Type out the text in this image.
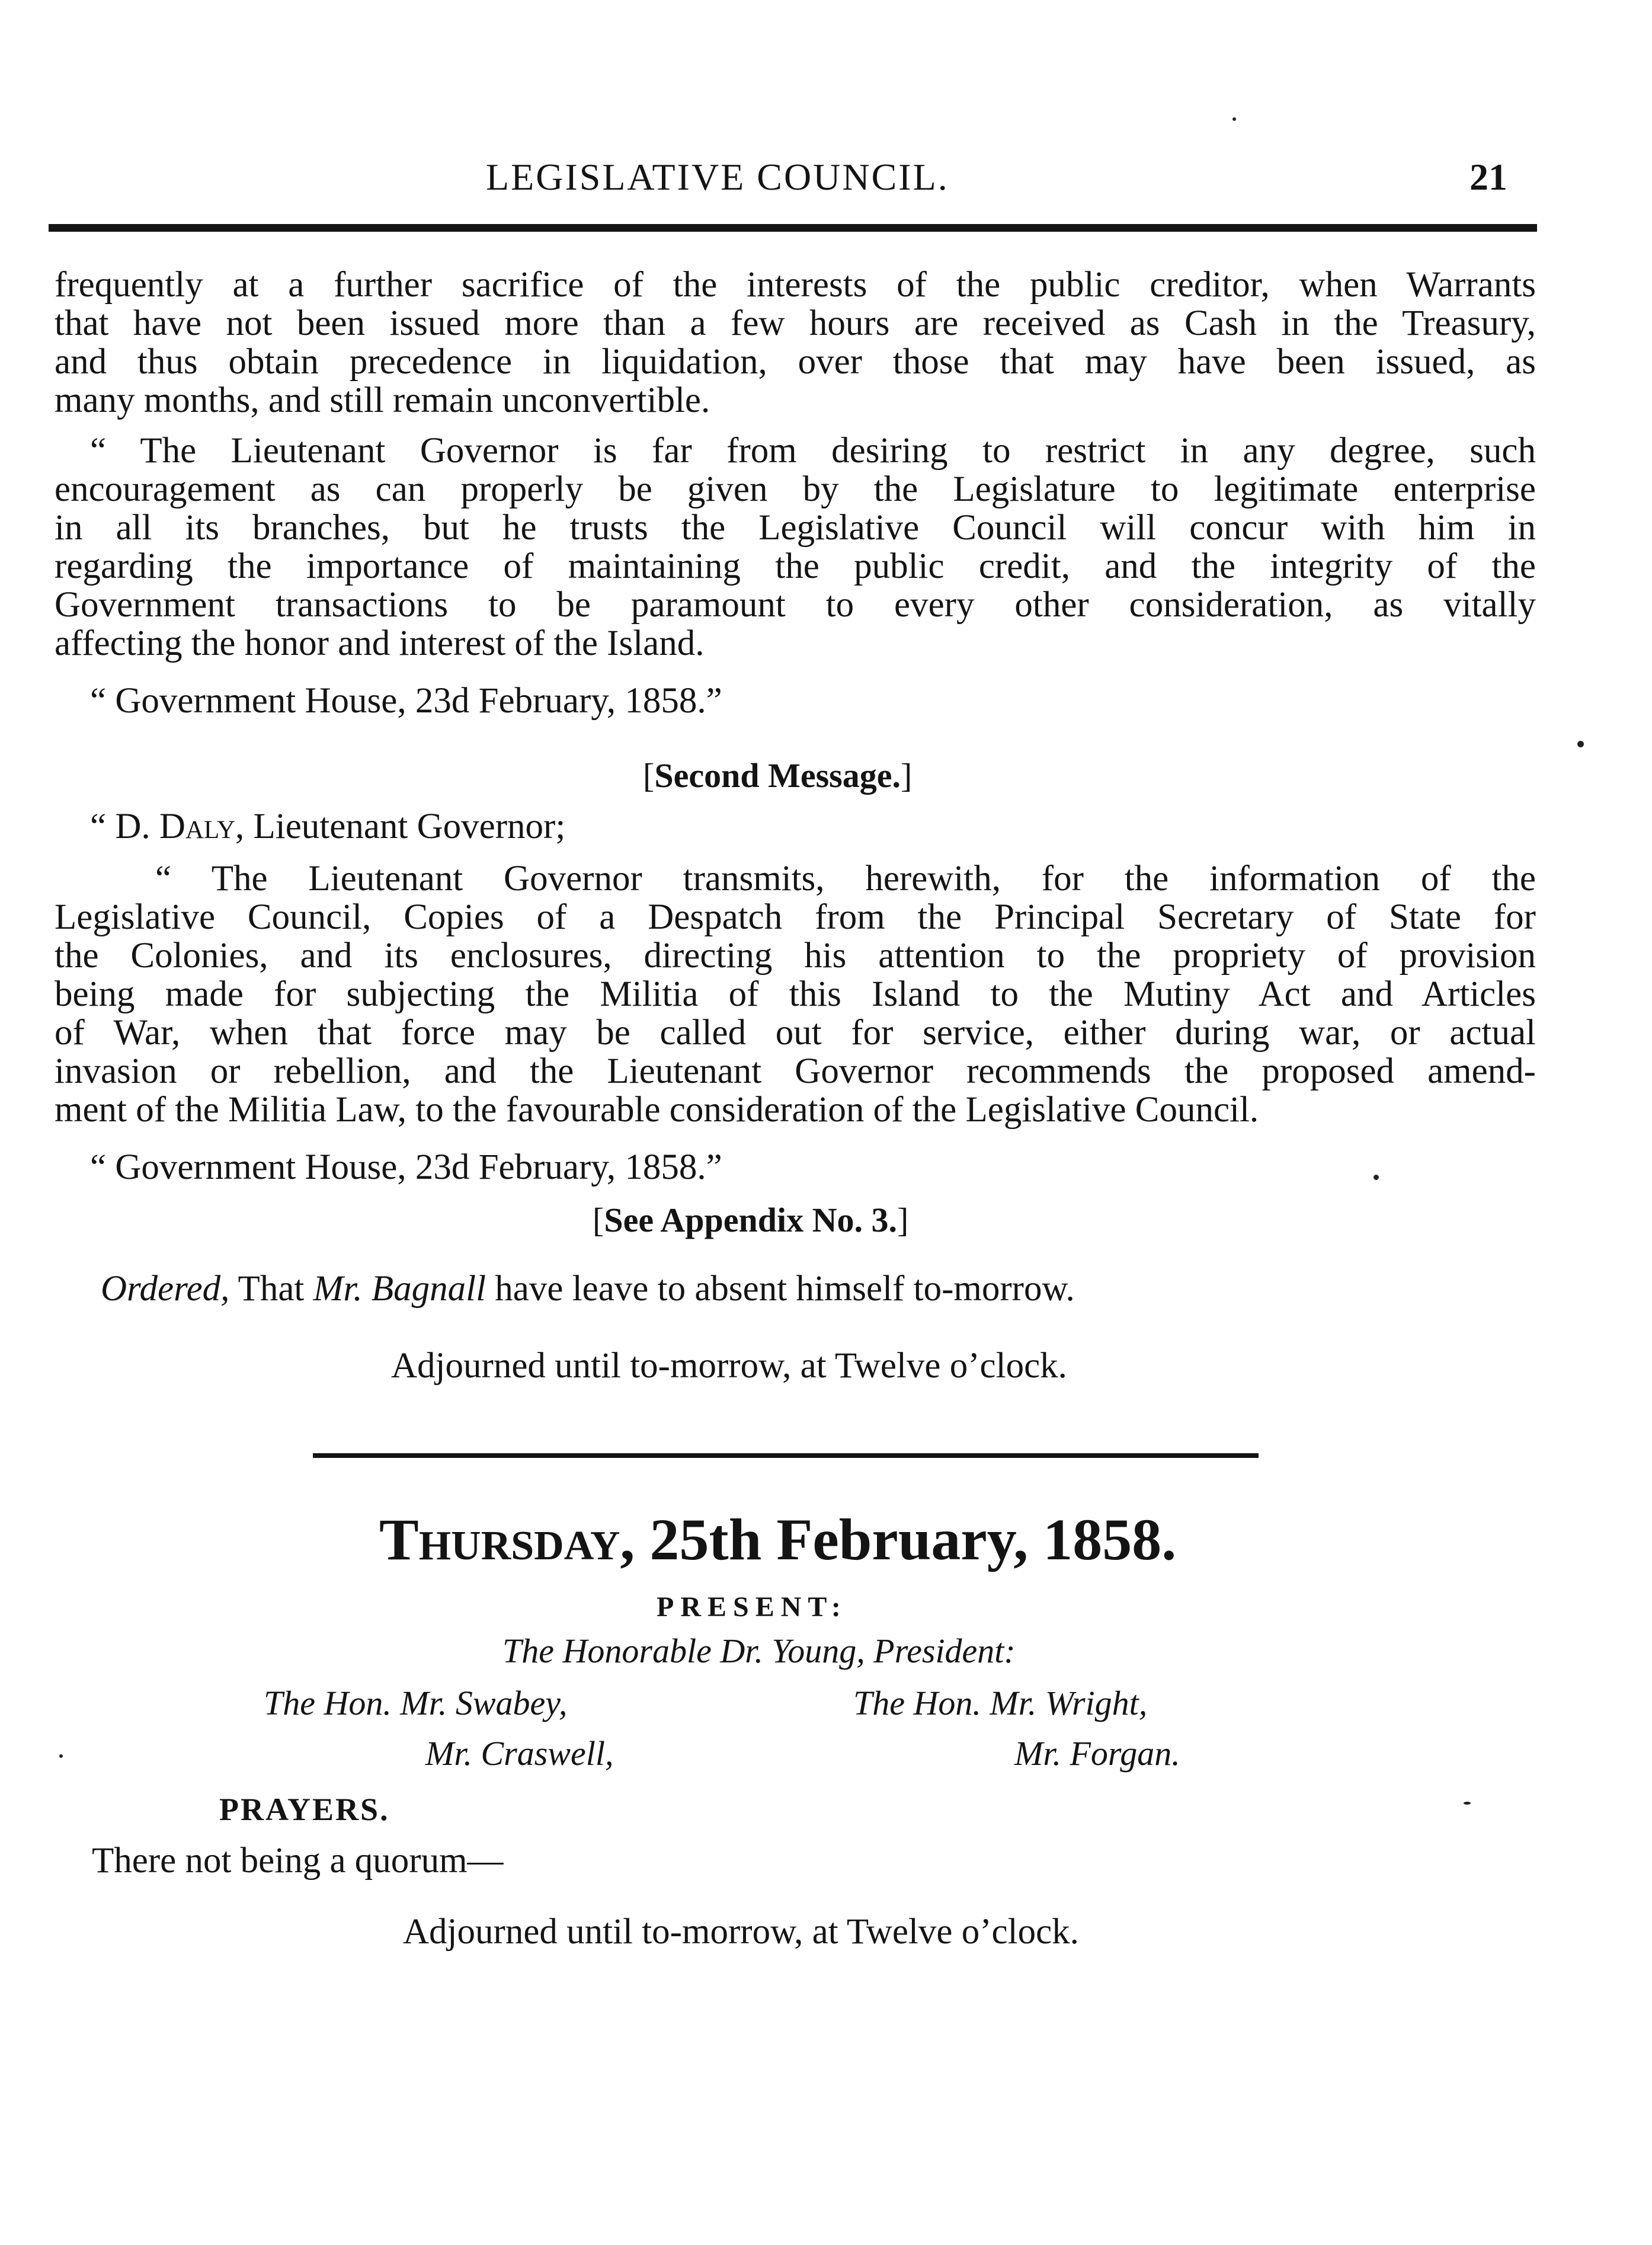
LEGISLATIVE COUNCIL.	21
frequently at a further sacrifice of the interests of the public creditor, when Warrants
that have not been issued more than a few hours are received as Cash in the Treasury,
and thus obtain precedence in liquidation, over those that may have been issued, as
many months, and still remain unconvertible.
“ The Lieutenant Governor is far from desiring to restrict in any degree, such
encouragement as can properly be given by the Legislature to legitimate enterprise
in all its branches, but he trusts the Legislative Council will concur with him in
regarding the importance of maintaining the public credit, and the integrity of the
Government transactions to be paramount to every other consideration, as vitally
affecting the honor and interest of the Island.
“ Government House, 23d February, 1858.”
[Second Message.]
“ D. Daly, Lieutenant Governor;
“ The Lieutenant Governor transmits, herewith, for the information of the
Legislative Council, Copies of a Despatch from the Principal Secretary of State for
the Colonies, and its enclosures, directing his attention to the propriety of provision
being made for subjecting the Militia of this Island to the Mutiny Act and Articles
of War, when that force may be called out for service, either during war, or actual
invasion or rebellion, and the Lieutenant Governor recommends the proposed amend-
ment of the Militia Law, to the favourable consideration of the Legislative Council.
“ Government House, 23d February, 1858.”
[See Appendix No. 3.]
Ordered, That Mr. Bagnall have leave to absent himself to-morrow.
Adjourned until to-morrow, at Twelve o’clock.
Thursday, 25th February, 1858.
PRESENT:
The Honorable Dr. Young, President:
The Hon. Mr. Swabey,
Mr. Craswell,
The Hon. Mr. Wright,
Mr. Forgan.
PRAYERS.
There not being a quorum—
Adjourned until to-morrow, at Twelve o’clock.
